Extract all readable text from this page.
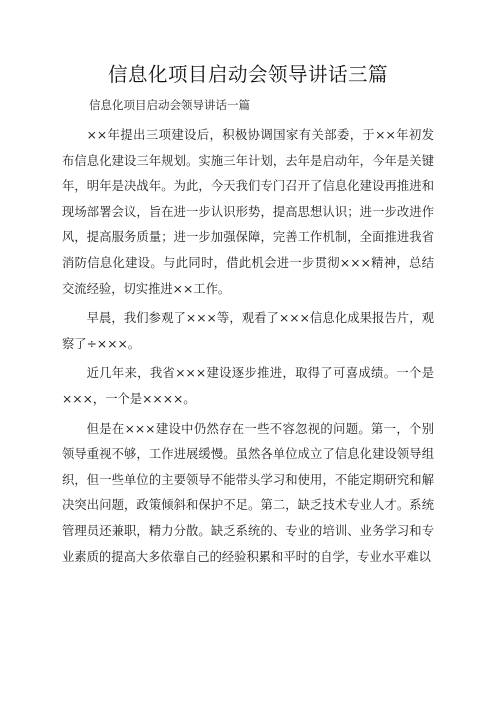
信息化项目启动会领导讲话三篇
信息化项目启动会领导讲话一篇

××年提出三项建设后，积极协调国家有关部委，于××年初发布信息化建设三年规划。实施三年计划，去年是启动年，今年是关键年，明年是决战年。为此，今天我们专门召开了信息化建设再推进和现场部署会议，旨在进一步认识形势，提高思想认识；进一步改进作风，提高服务质量；进一步加强保障，完善工作机制，全面推进我省消防信息化建设。与此同时，借此机会进一步贯彻×××精神，总结交流经验，切实推进××工作。

早晨，我们参观了×××等，观看了×××信息化成果报告片，观察了÷×××。

近几年来，我省×××建设逐步推进，取得了可喜成绩。一个是×××，一个是××××。

但是在×××建设中仍然存在一些不容忽视的问题。第一，个别领导重视不够，工作进展缓慢。虽然各单位成立了信息化建设领导组织，但一些单位的主要领导不能带头学习和使用，不能定期研究和解决突出问题，政策倾斜和保护不足。第二，缺乏技术专业人才。系统管理员还兼职，精力分散。缺乏系统的、专业的培训、业务学习和专业素质的提高大多依靠自己的经验积累和平时的自学，专业水平难以
